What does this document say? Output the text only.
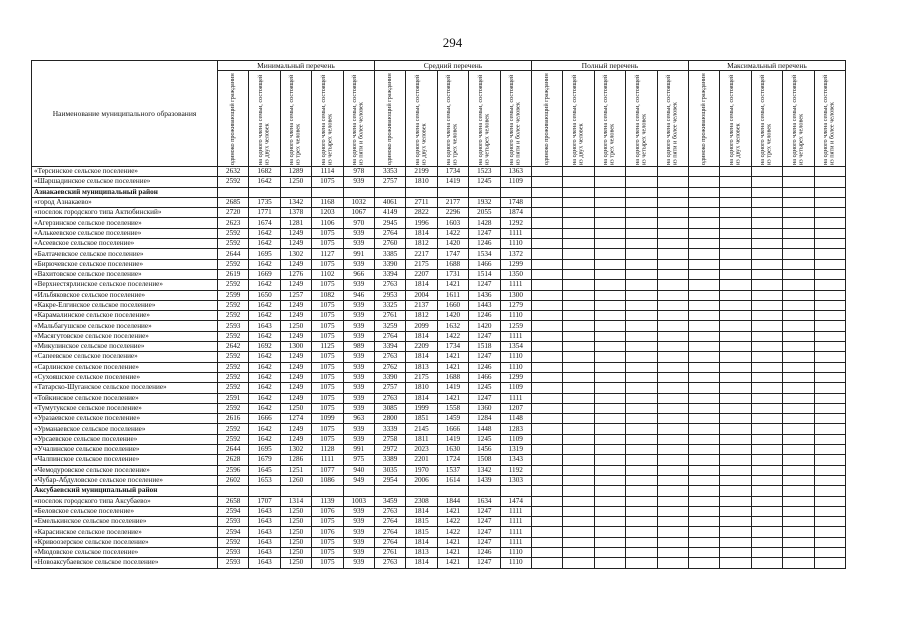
294
Наименование муниципального образования	Минимальный перечень					Средний перечень					Полный перечень					Максимальный перечень				

	одиноко проживающий гражданин	на одного члена семьи, состоящей из двух человек	на одного члена семьи, состоящей из трех человек	на одного члена семьи, состоящей из четырех человек	на одного члена семьи, состоящей из пяти и более человек	одиноко проживающий гражданин	на одного члена семьи, состоящей из двух человек	на одного члена семьи, состоящей из трех человек	на одного члена семьи, состоящей из четырех человек	на одного члена семьи, состоящей из пяти и более человек	одиноко проживающий гражданин	на одного члена семьи, состоящей из двух человек	на одного члена семьи, состоящей из трех человек	на одного члена семьи, состоящей из четырех человек	на одного члена семьи, состоящей из пяти и более человек	одиноко проживающий гражданин	на одного члена семьи, состоящей из двух человек	на одного члена семьи, состоящей из трех человек	на одного члена семьи, состоящей из четырех человек	на одного члена семьи, состоящей из пяти и более человек

«Терсинское сельское поселение»	2632	1682	1289	1114	978	3353	2199	1734	1523	1363										
«Шаршадинское сельское поселение»	2592	1642	1250	1075	939	2757	1810	1419	1245	1109										
Азнакаевский муниципальный район																				
«город Азнакаево»	2685	1735	1342	1168	1032	4061	2711	2177	1932	1748										
«поселок городского типа Актюбинский»	2720	1771	1378	1203	1067	4149	2822	2296	2055	1874										
«Агерзинское сельское поселение»	2623	1674	1281	1106	970	2945	1996	1603	1428	1292										
«Алькеевское сельское поселение»	2592	1642	1249	1075	939	2764	1814	1422	1247	1111										
«Асеевское сельское поселение»	2592	1642	1249	1075	939	2760	1812	1420	1246	1110										
«Балтачевское сельское поселение»	2644	1695	1302	1127	991	3385	2217	1747	1534	1372										
«Бирючевское сельское поселение»	2592	1642	1249	1075	939	3390	2175	1688	1466	1299										
«Вахитовское сельское поселение»	2619	1669	1276	1102	966	3394	2207	1731	1514	1350										
«Верхнестярлинское сельское поселение»	2592	1642	1249	1075	939	2763	1814	1421	1247	1111										
«Ильбяковское сельское поселение»	2599	1650	1257	1082	946	2953	2004	1611	1436	1300										
«Какре-Елгинское сельское поселение»	2592	1642	1249	1075	939	3325	2137	1660	1443	1279										
«Карамалинское сельское поселение»	2592	1642	1249	1075	939	2761	1812	1420	1246	1110										
«Мальбагушское сельское поселение»	2593	1643	1250	1075	939	3259	2099	1632	1420	1259										
«Масягутовское сельское поселение»	2592	1642	1249	1075	939	2764	1814	1422	1247	1111										
«Микулинское сельское поселение»	2642	1692	1300	1125	989	3394	2209	1734	1518	1354										
«Сапеевское сельское поселение»	2592	1642	1249	1075	939	2763	1814	1421	1247	1110										
«Сарлинское сельское поселение»	2592	1642	1249	1075	939	2762	1813	1421	1246	1110										
«Сухояшское сельское поселение»	2592	1642	1249	1075	939	3390	2175	1688	1466	1299										
«Татарско-Шуганское сельское поселение»	2592	1642	1249	1075	939	2757	1810	1419	1245	1109										
«Тойкинское сельское поселение»	2591	1642	1249	1075	939	2763	1814	1421	1247	1111										
«Тумутукское сельское поселение»	2592	1642	1250	1075	939	3085	1999	1558	1360	1207										
«Уразаевское сельское поселение»	2616	1666	1274	1099	963	2800	1851	1459	1284	1148										
«Урманаевское сельское поселение»	2592	1642	1249	1075	939	3339	2145	1666	1448	1283										
«Урсаевское сельское поселение»	2592	1642	1249	1075	939	2758	1811	1419	1245	1109										
«Учалинское сельское поселение»	2644	1695	1302	1128	991	2972	2023	1630	1456	1319										
«Чалпинское сельское поселение»	2628	1679	1286	1111	975	3389	2201	1724	1508	1343										
«Чемодуровское сельское поселение»	2596	1645	1251	1077	940	3035	1970	1537	1342	1192										
«Чубар-Абдуловское сельское поселение»	2602	1653	1260	1086	949	2954	2006	1614	1439	1303										
Аксубаевский муниципальный район																				
«поселок городского типа Аксубаево»	2658	1707	1314	1139	1003	3459	2308	1844	1634	1474										
«Беловское сельское поселение»	2594	1643	1250	1076	939	2763	1814	1421	1247	1111										
«Емелькинское сельское поселение»	2593	1643	1250	1075	939	2764	1815	1422	1247	1111										
«Карасинское сельское поселение»	2594	1643	1250	1076	939	2764	1815	1422	1247	1111										
«Кривоозерское сельское поселение»	2592	1643	1250	1075	939	2764	1814	1421	1247	1111										
«Мюдовское сельское поселение»	2593	1643	1250	1075	939	2761	1813	1421	1246	1110										
«Новоаксубаевское сельское поселение»	2593	1643	1250	1075	939	2763	1814	1421	1247	1110										
